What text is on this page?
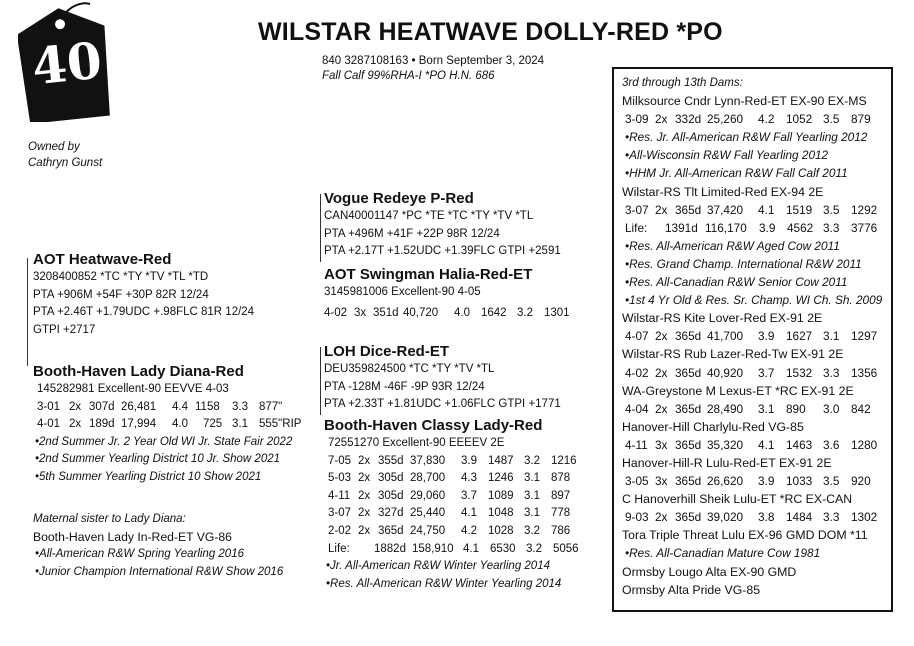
40	WILSTAR HEATWAVE DOLLY-RED *PO
840 3287108163 • Born September 3, 2024
Fall Calf 99%RHA-I *PO H.N. 686
Owned by
Cathryn Gunst
AOT Heatwave-Red
3208400852 *TC *TY *TV *TL *TD
PTA +906M +54F +30P 82R 12/24
PTA +2.46T +1.79UDC +.98FLC 81R 12/24
GTPI +2717
Vogue Redeye P-Red
CAN40001147 *PC *TE *TC *TY *TV *TL
PTA +496M +41F +22P 98R 12/24
PTA +2.17T +1.52UDC +1.39FLC GTPI +2591
AOT Swingman Halia-Red-ET
3145981006 Excellent-90 4-05
4-02 3x 351d 40,720	4.0 1642 3.2 1301
Booth-Haven Lady Diana-Red
145282981 Excellent-90 EEVVE 4-03
3-01 2x 307d 26,481	4.4 1158	3.3 877"
4-01 2x 189d 17,994	4.0	725 3.1 555"RIP
•2nd Summer Jr. 2 Year Old WI Jr. State Fair 2022
•2nd Summer Yearling District 10 Jr. Show 2021
•5th Summer Yearling District 10 Show 2021
Maternal sister to Lady Diana:
Booth-Haven Lady In-Red-ET VG-86
•All-American R&W Spring Yearling 2016
•Junior Champion International R&W Show 2016
LOH Dice-Red-ET
DEU359824500 *TC *TY *TV *TL
PTA -128M -46F -9P 93R 12/24
PTA +2.33T +1.81UDC +1.06FLC GTPI +1771
Booth-Haven Classy Lady-Red
72551270 Excellent-90 EEEEV 2E
7-05 2x 355d 37,830	3.9 1487 3.2 1216
5-03 2x 305d 28,700	4.3 1246 3.1 878
4-11 2x 305d 29,060	3.7 1089 3.1 897
3-07 2x 327d 25,440	4.1 1048 3.1 778
2-02 2x 365d 24,750	4.2 1028 3.2 786
Life:	1882d 158,910 4.1 6530 3.2 5056
•Jr. All-American R&W Winter Yearling 2014
•Res. All-American R&W Winter Yearling 2014
3rd through 13th Dams:
Milksource Cndr Lynn-Red-ET EX-90 EX-MS
3-09 2x 332d 25,260	4.2 1052 3.5 879
•Res. Jr. All-American R&W Fall Yearling 2012
•All-Wisconsin R&W Fall Yearling 2012
•HHM Jr. All-American R&W Fall Calf 2011
Wilstar-RS Tlt Limited-Red EX-94 2E
3-07 2x 365d 37,420	4.1 1519 3.5 1292
Life:	1391d 116,170	3.9 4562 3.3 3776
•Res. All-American R&W Aged Cow 2011
•Res. Grand Champ. International R&W 2011
•Res. All-Canadian R&W Senior Cow 2011
•1st 4 Yr Old & Res. Sr. Champ. WI Ch. Sh. 2009
Wilstar-RS Kite Lover-Red EX-91 2E
4-07 2x 365d 41,700	3.9 1627 3.1 1297
Wilstar-RS Rub Lazer-Red-Tw EX-91 2E
4-02 2x 365d 40,920	3.7 1532 3.3 1356
WA-Greystone M Lexus-ET *RC EX-91 2E
4-04 2x 365d 28,490	3.1 890	3.0 842
Hanover-Hill Charlylu-Red VG-85
4-11 3x 365d 35,320	4.1 1463 3.6 1280
Hanover-Hill-R Lulu-Red-ET EX-91 2E
3-05 3x 365d 26,620	3.9 1033 3.5 920
C Hanoverhill Sheik Lulu-ET *RC EX-CAN
9-03 2x 365d 39,020	3.8 1484 3.3 1302
Tora Triple Threat Lulu EX-96 GMD DOM *11
•Res. All-Canadian Mature Cow 1981
Ormsby Lougo Alta EX-90 GMD
Ormsby Alta Pride VG-85
